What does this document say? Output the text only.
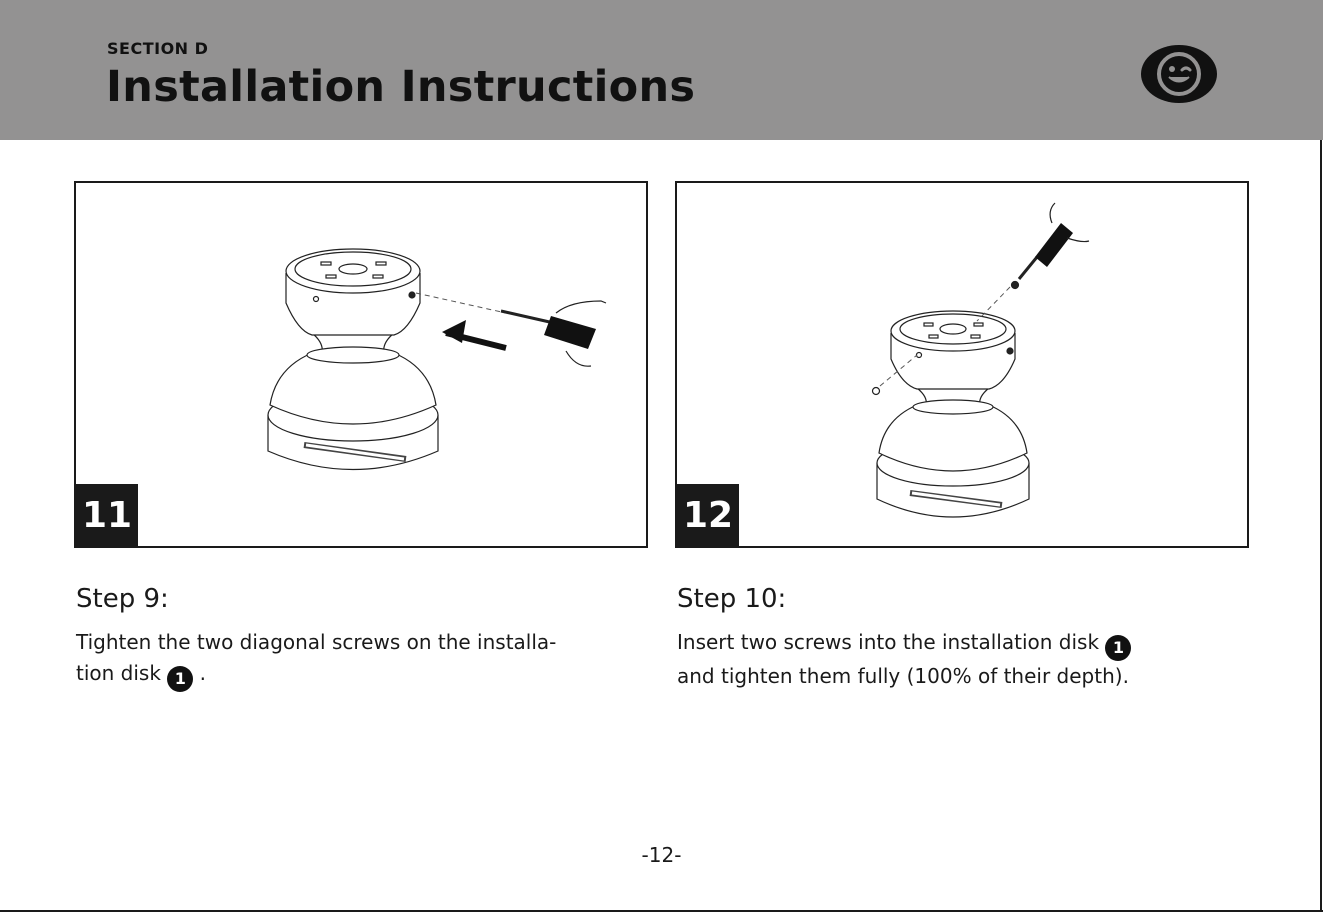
SECTION D
Installation Instructions
11	12
Step 9:
Tighten the two diagonal screws on the installa-
tion disk 1 .
Step 10:
Insert two screws into the installation disk 1
and tighten them fully (100% of their depth).
-12-
